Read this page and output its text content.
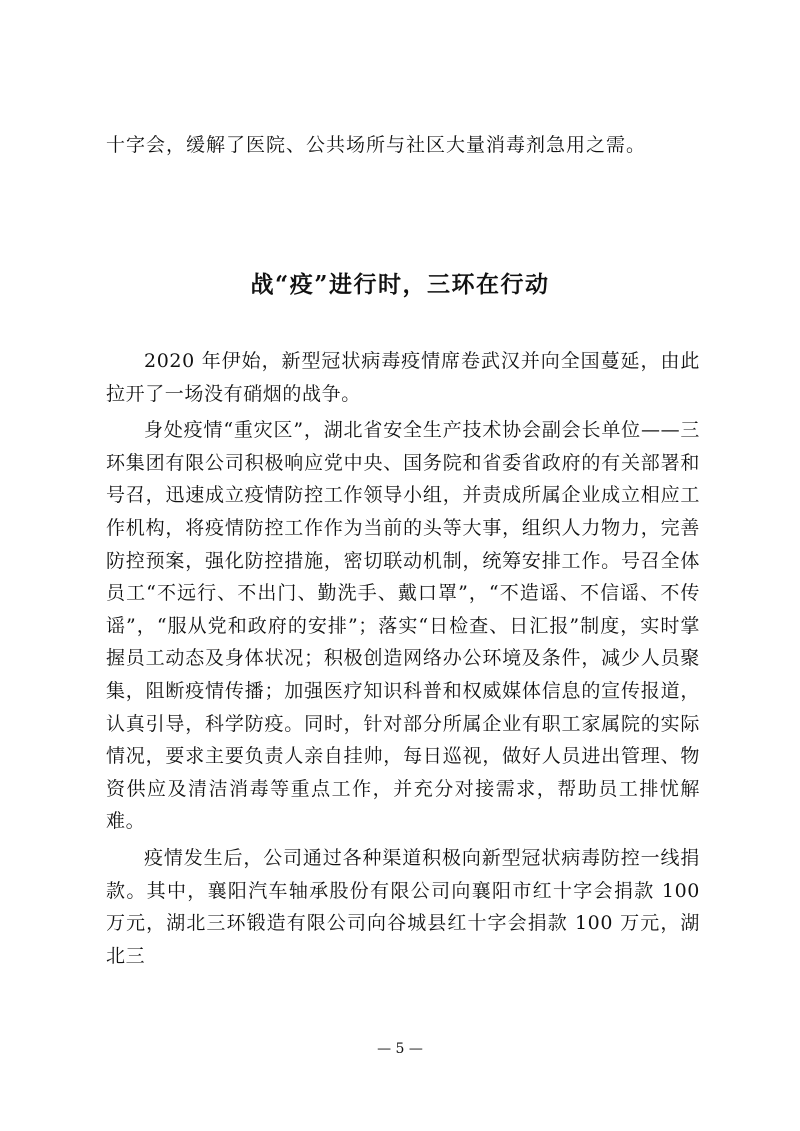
十字会，缓解了医院、公共场所与社区大量消毒剂急用之需。
战“疫”进行时，三环在行动

2020 年伊始，新型冠状病毒疫情席卷武汉并向全国蔓延，由此拉开了一场没有硝烟的战争。

身处疫情“重灾区”，湖北省安全生产技术协会副会长单位——三环集团有限公司积极响应党中央、国务院和省委省政府的有关部署和号召，迅速成立疫情防控工作领导小组，并责成所属企业成立相应工作机构，将疫情防控工作作为当前的头等大事，组织人力物力，完善防控预案，强化防控措施，密切联动机制，统筹安排工作。号召全体员工“不远行、不出门、勤洗手、戴口罩”，“不造谣、不信谣、不传谣”，“服从党和政府的安排”；落实“日检查、日汇报”制度，实时掌握员工动态及身体状况；积极创造网络办公环境及条件，减少人员聚集，阻断疫情传播；加强医疗知识科普和权威媒体信息的宣传报道，认真引导，科学防疫。同时，针对部分所属企业有职工家属院的实际情况，要求主要负责人亲自挂帅，每日巡视，做好人员进出管理、物资供应及清洁消毒等重点工作，并充分对接需求，帮助员工排忧解难。

疫情发生后，公司通过各种渠道积极向新型冠状病毒防控一线捐款。其中，襄阳汽车轴承股份有限公司向襄阳市红十字会捐款 100 万元，湖北三环锻造有限公司向谷城县红十字会捐款 100 万元，湖北三

— 5 —
